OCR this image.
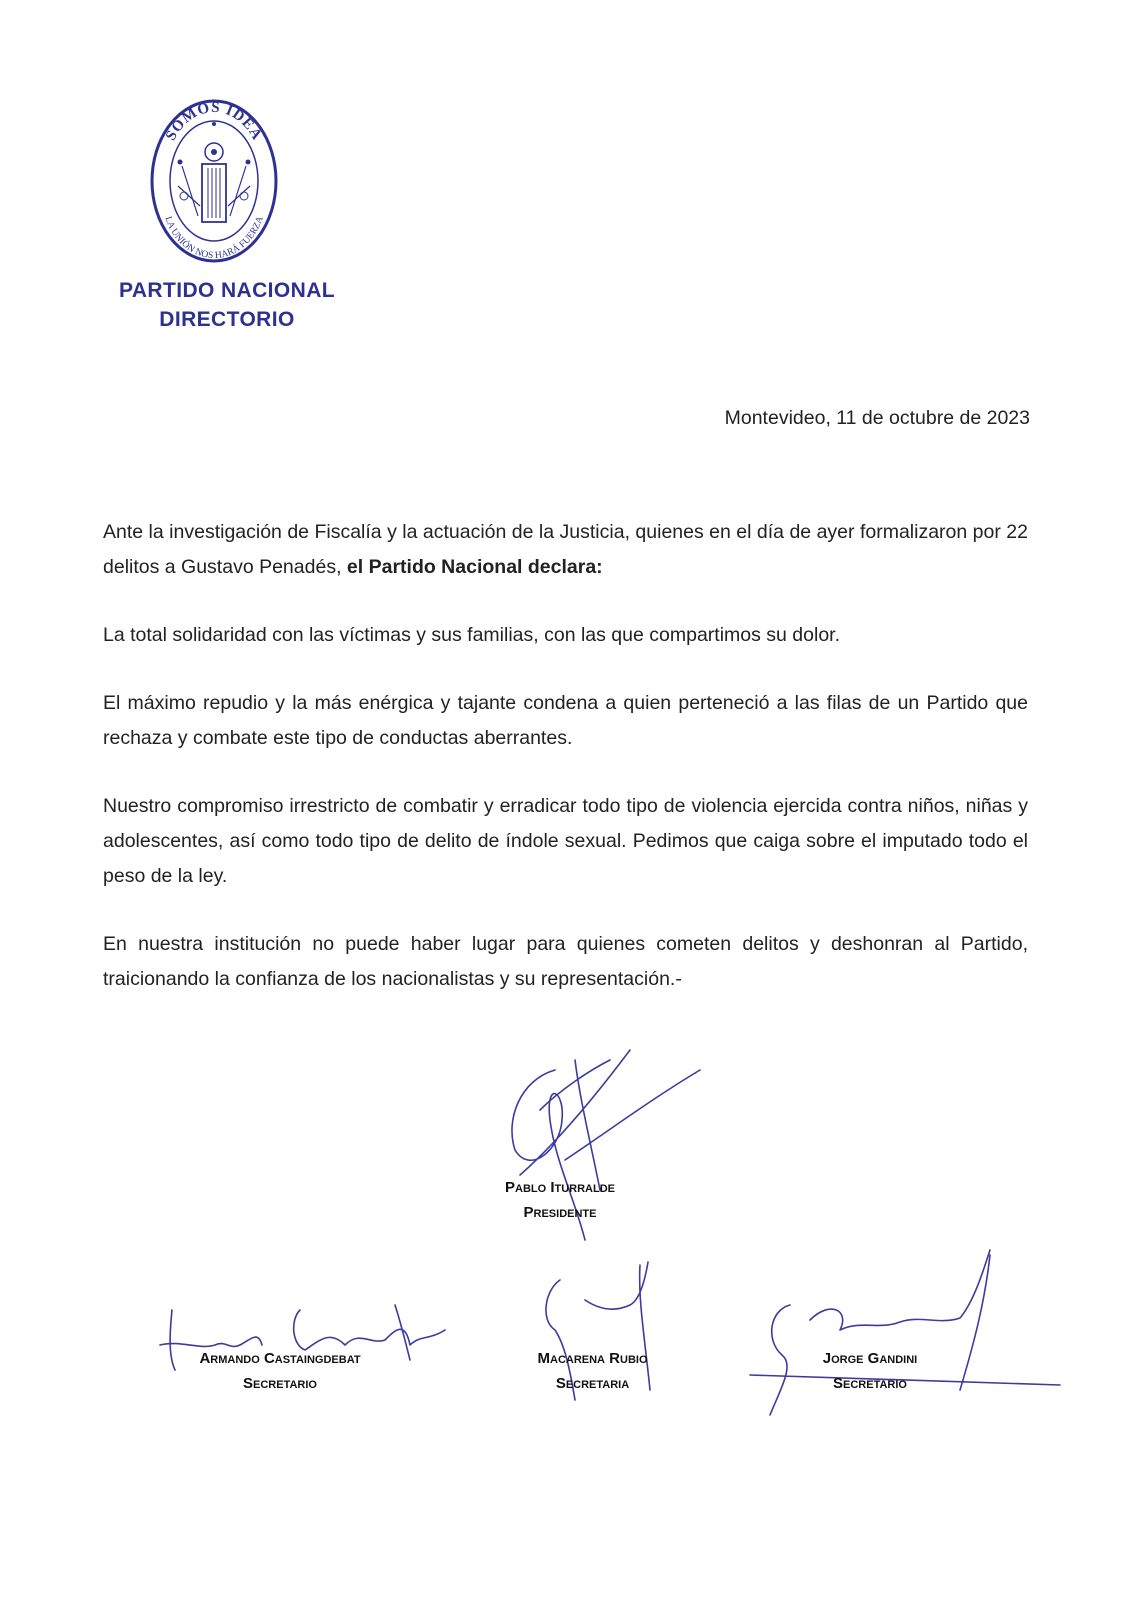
SOMOS IDEA
LA UNIÓN NOS HARÁ FUERZA
PARTIDO NACIONAL
DIRECTORIO
Montevideo, 11 de octubre de 2023

Ante la investigación de Fiscalía y la actuación de la Justicia, quienes en el día de ayer formalizaron por 22 delitos a Gustavo Penadés, el Partido Nacional declara:

La total solidaridad con las víctimas y sus familias, con las que compartimos su dolor.

El máximo repudio y la más enérgica y tajante condena a quien perteneció a las filas de un Partido que rechaza y combate este tipo de conductas aberrantes.

Nuestro compromiso irrestricto de combatir y erradicar todo tipo de violencia ejercida contra niños, niñas y adolescentes, así como todo tipo de delito de índole sexual. Pedimos que caiga sobre el imputado todo el peso de la ley.

En nuestra institución no puede haber lugar para quienes cometen delitos y deshonran al Partido, traicionando la confianza de los nacionalistas y su representación.-

Pablo Iturralde
Presidente
Armando Castaingdebat
Secretario
Macarena Rubio
Secretaria
Jorge Gandini
Secretario
